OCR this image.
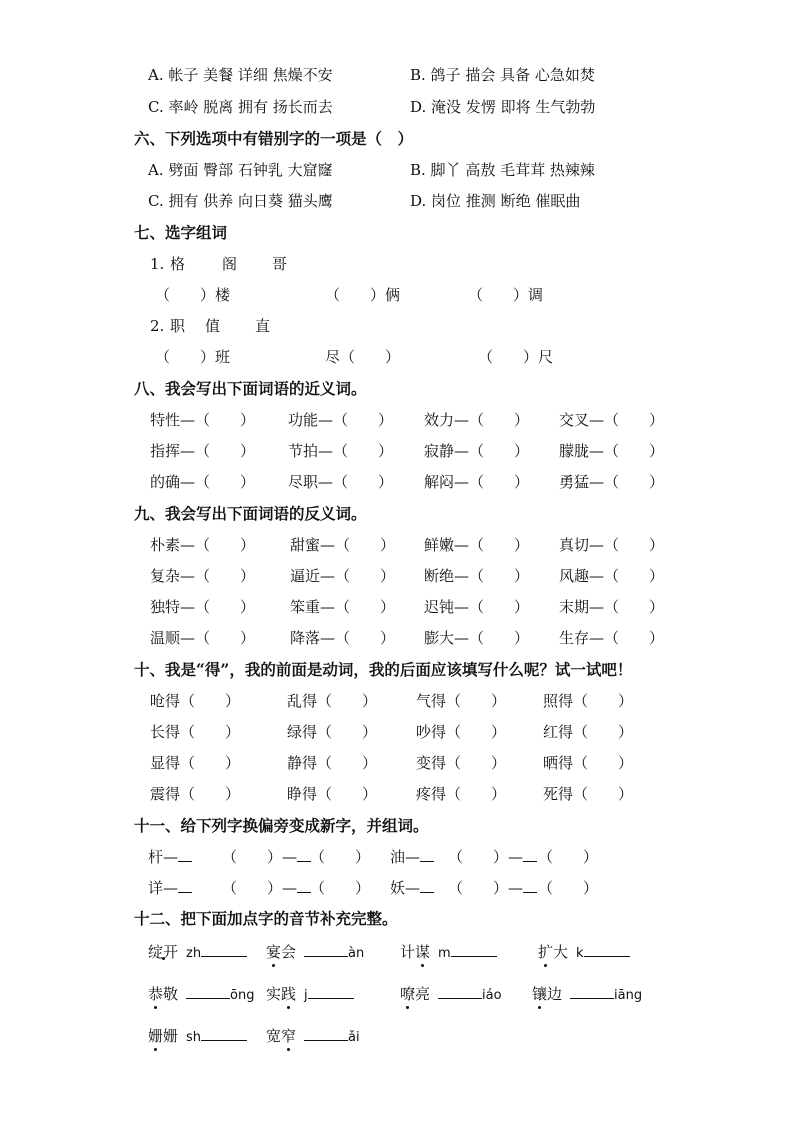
A. 帐子 美餐 详细 焦燥不安	B. 鸽子 描会 具备 心急如焚
C. 率岭 脱离 拥有 扬长而去	D. 淹没 发愣 即将 生气勃勃
六、下列选项中有错别字的一项是（　）
A. 劈面 臀部 石钟乳 大窟窿	B. 脚丫 高敖 毛茸茸 热辣辣
C. 拥有 供养 向日葵 猫头鹰	D. 岗位 推测 断绝 催眠曲
七、选字组词
1. 格 阁 哥
（　　）楼	（　　）俩	（　　）调
2. 职 值 直
（　　）班	尽（　　）	（　　）尺
八、我会写出下面词语的近义词。
特性—（　　） 功能—（　　） 效力—（　　） 交叉—（　　）
指挥—（　　） 节拍—（　　） 寂静—（　　） 朦胧—（　　）
的确—（　　） 尽职—（　　） 解闷—（　　） 勇猛—（　　）
九、我会写出下面词语的反义词。
朴素—（　　） 甜蜜—（　　） 鲜嫩—（　　） 真切—（　　）
复杂—（　　） 逼近—（　　） 断绝—（　　） 风趣—（　　）
独特—（　　） 笨重—（　　） 迟钝—（　　） 末期—（　　）
温顺—（　　） 降落—（　　） 膨大—（　　） 生存—（　　）
十、我是“得”，我的前面是动词，我的后面应该填写什么呢？试一试吧！
呛得（　　）	乱得（　　）	气得（　　） 照得（　　）
长得（　　）	绿得（　　）	吵得（　　） 红得（　　）
显得（　　）	静得（　　）	变得（　　） 晒得（　　）
震得（　　）	睁得（　　）	疼得（　　） 死得（　　）
十一、给下列字换偏旁变成新字，并组词。
杆—	（　　）— （　　） 油—	（　　）— （　　）
详—	（　　）— （　　） 妖—	（　　）— （　　）
十二、把下面加点字的音节补充完整。
绽开 zh	宴会	àn 计谋 m	扩大 k
恭敬	ōng 实践 j	嘹亮	iáo 镶边	iāng
姗姗 sh	宽窄	ǎi
